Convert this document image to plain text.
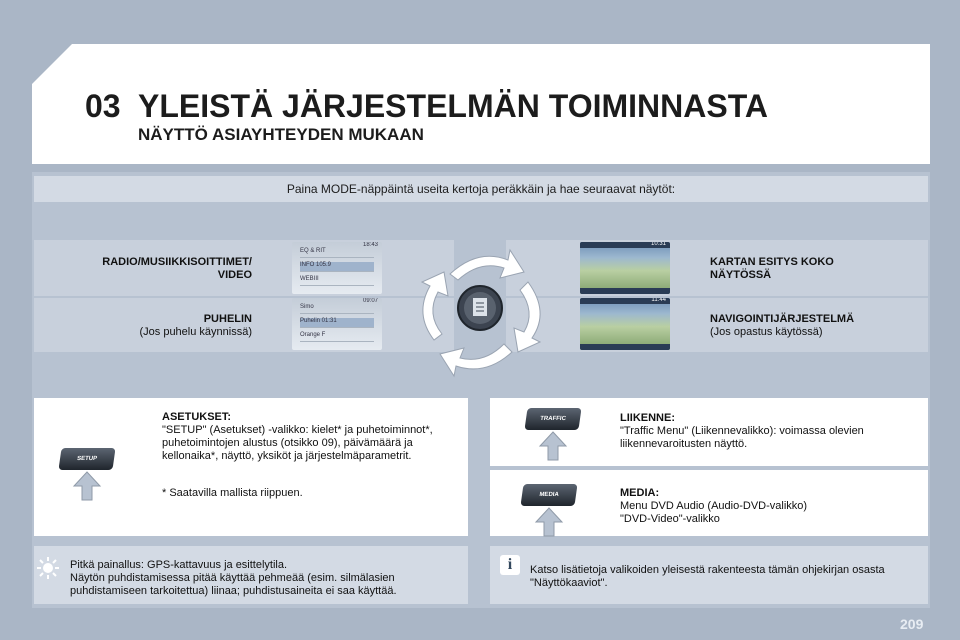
03 YLEISTÄ JÄRJESTELMÄN TOIMINNASTA
NÄYTTÖ ASIAYHTEYDEN MUKAAN
Paina MODE-näppäintä useita kertoja peräkkäin ja hae seuraavat näytöt:
RADIO/MUSIIKKISOITTIMET/
VIDEO
PUHELIN
(Jos puhelu käynnissä)
KARTAN ESITYS KOKO
NÄYTÖSSÄ
NAVIGOINTIJÄRJESTELMÄ
(Jos opastus käytössä)
EQ & RIT
INFO 105.9
WEBIII
18:43
Simo
Puhelin 01:31
Orange F
09:07
10:31
11:44
SETUP
ASETUKSET:
"SETUP" (Asetukset) -valikko: kielet* ja puhetoiminnot*, puhetoimintojen alustus (otsikko 09), päivämäärä ja kellonaika*, näyttö, yksiköt ja järjestelmäparametrit.
* Saatavilla mallista riippuen.
TRAFFIC	LIIKENNE:
"Traffic Menu" (Liikennevalikko): voimassa olevien liikennevaroitusten näyttö.
MEDIA	MEDIA:
Menu DVD Audio (Audio-DVD-valikko)
"DVD-Video"-valikko
Pitkä painallus: GPS-kattavuus ja esittelytila.
Näytön puhdistamisessa pitää käyttää pehmeää (esim. silmälasien puhdistamiseen tarkoitettua) liinaa; puhdistusaineita ei saa käyttää.
i	Katso lisätietoja valikoiden yleisestä rakenteesta tämän ohjekirjan osasta "Näyttökaaviot".
209
